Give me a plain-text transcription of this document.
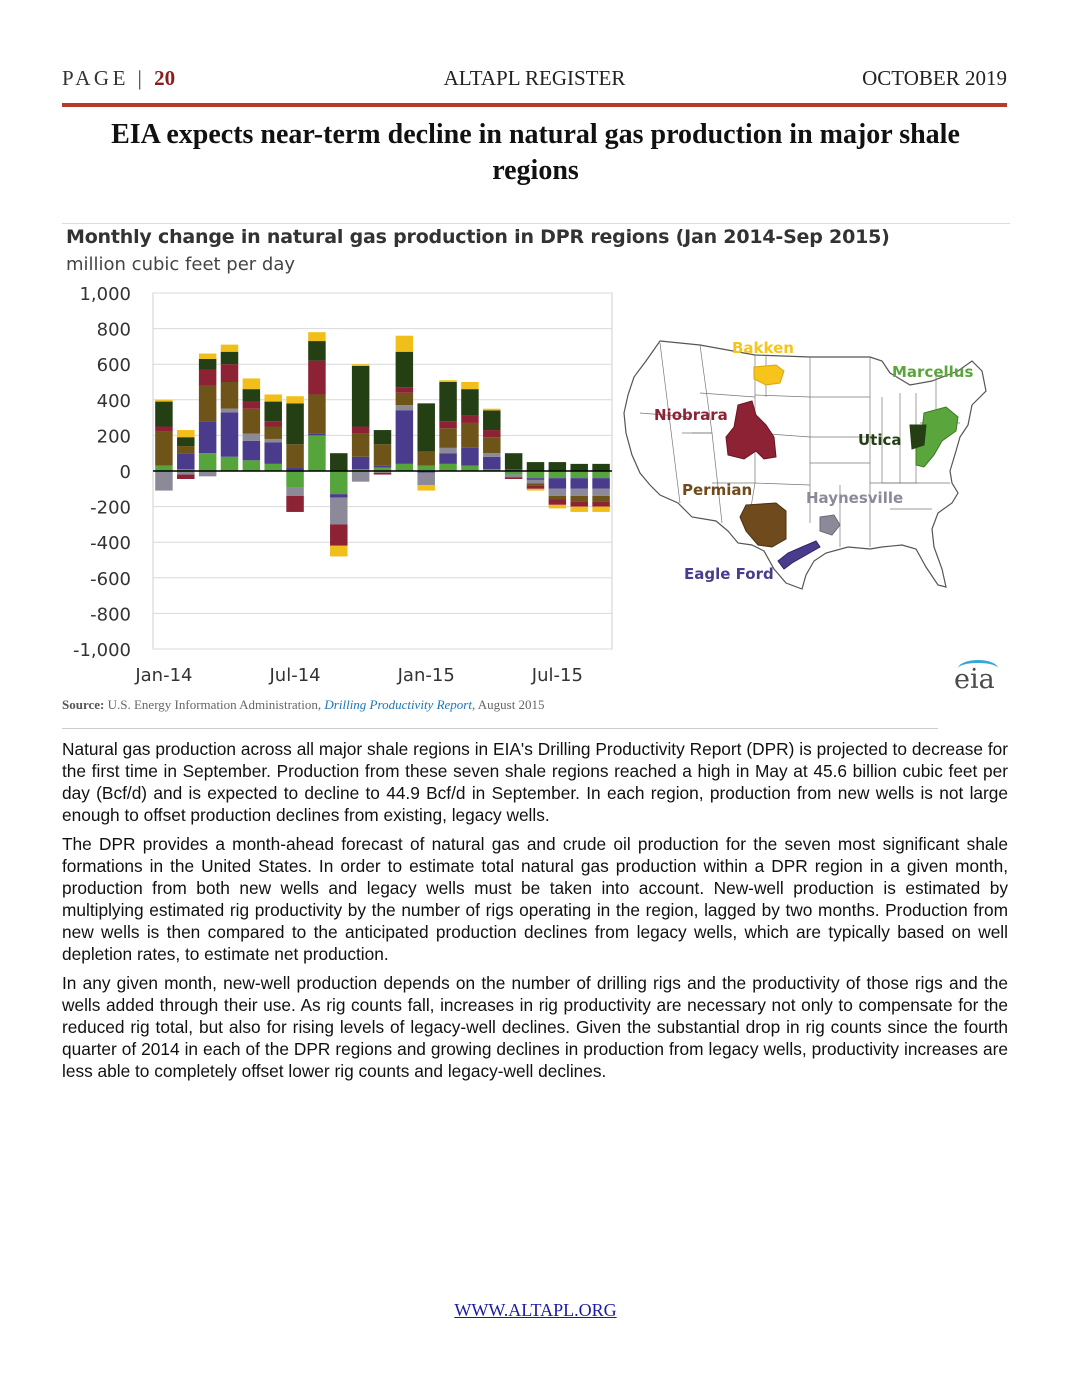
PAGE | 20	ALTAPL REGISTER	OCTOBER 2019
EIA expects near-term decline in natural gas production in major shale regions
Monthly change in natural gas production in DPR regions (Jan 2014-Sep 2015)
million cubic feet per day
1,000
800
600
400
200
0
-200
-400
-600
-800
-1,000
Jan-14	Jul-14	Jan-15	Jul-15
Bakken
Marcellus
Utica
Niobrara
Permian	Haynesville
Eagle Ford
eia
Source: U.S. Energy Information Administration, Drilling Productivity Report, August 2015

Natural gas production across all major shale regions in EIA's Drilling Productivity Report (DPR) is projected to decrease for the first time in September. Production from these seven shale regions reached a high in May at 45.6 billion cubic feet per day (Bcf/d) and is expected to decline to 44.9 Bcf/d in September. In each region, production from new wells is not large enough to offset production declines from existing, legacy wells.

The DPR provides a month-ahead forecast of natural gas and crude oil production for the seven most significant shale formations in the United States. In order to estimate total natural gas production within a DPR region in a given month, production from both new wells and legacy wells must be taken into account. New-well production is estimated by multiplying estimated rig productivity by the number of rigs operating in the region, lagged by two months. Production from new wells is then compared to the anticipated production declines from legacy wells, which are typically based on well depletion rates, to estimate net production.

In any given month, new-well production depends on the number of drilling rigs and the productivity of those rigs and the wells added through their use. As rig counts fall, increases in rig productivity are necessary not only to compensate for the reduced rig total, but also for rising levels of legacy-well declines. Given the substantial drop in rig counts since the fourth quarter of 2014 in each of the DPR regions and growing declines in production from legacy wells, productivity increases are less able to completely offset lower rig counts and legacy-well declines.

WWW.ALTAPL.ORG
